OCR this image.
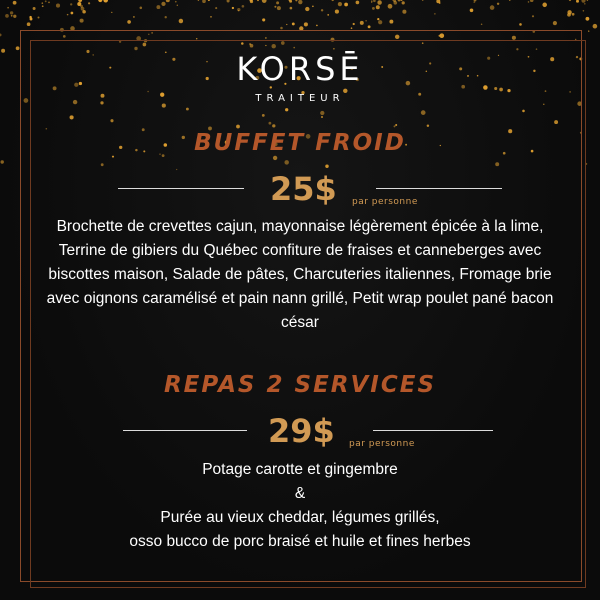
KORSĒ
TRAITEUR
BUFFET FROID
25$ par personne
Brochette de crevettes cajun, mayonnaise légèrement épicée à la lime, Terrine de gibiers du Québec confiture de fraises et canneberges avec biscottes maison, Salade de pâtes, Charcuteries italiennes, Fromage brie avec oignons caramélisé et pain nann grillé, Petit wrap poulet pané bacon césar
REPAS 2 SERVICES
29$ par personne
Potage carotte et gingembre
&
Purée au vieux cheddar, légumes grillés,
osso bucco de porc braisé et huile et fines herbes
